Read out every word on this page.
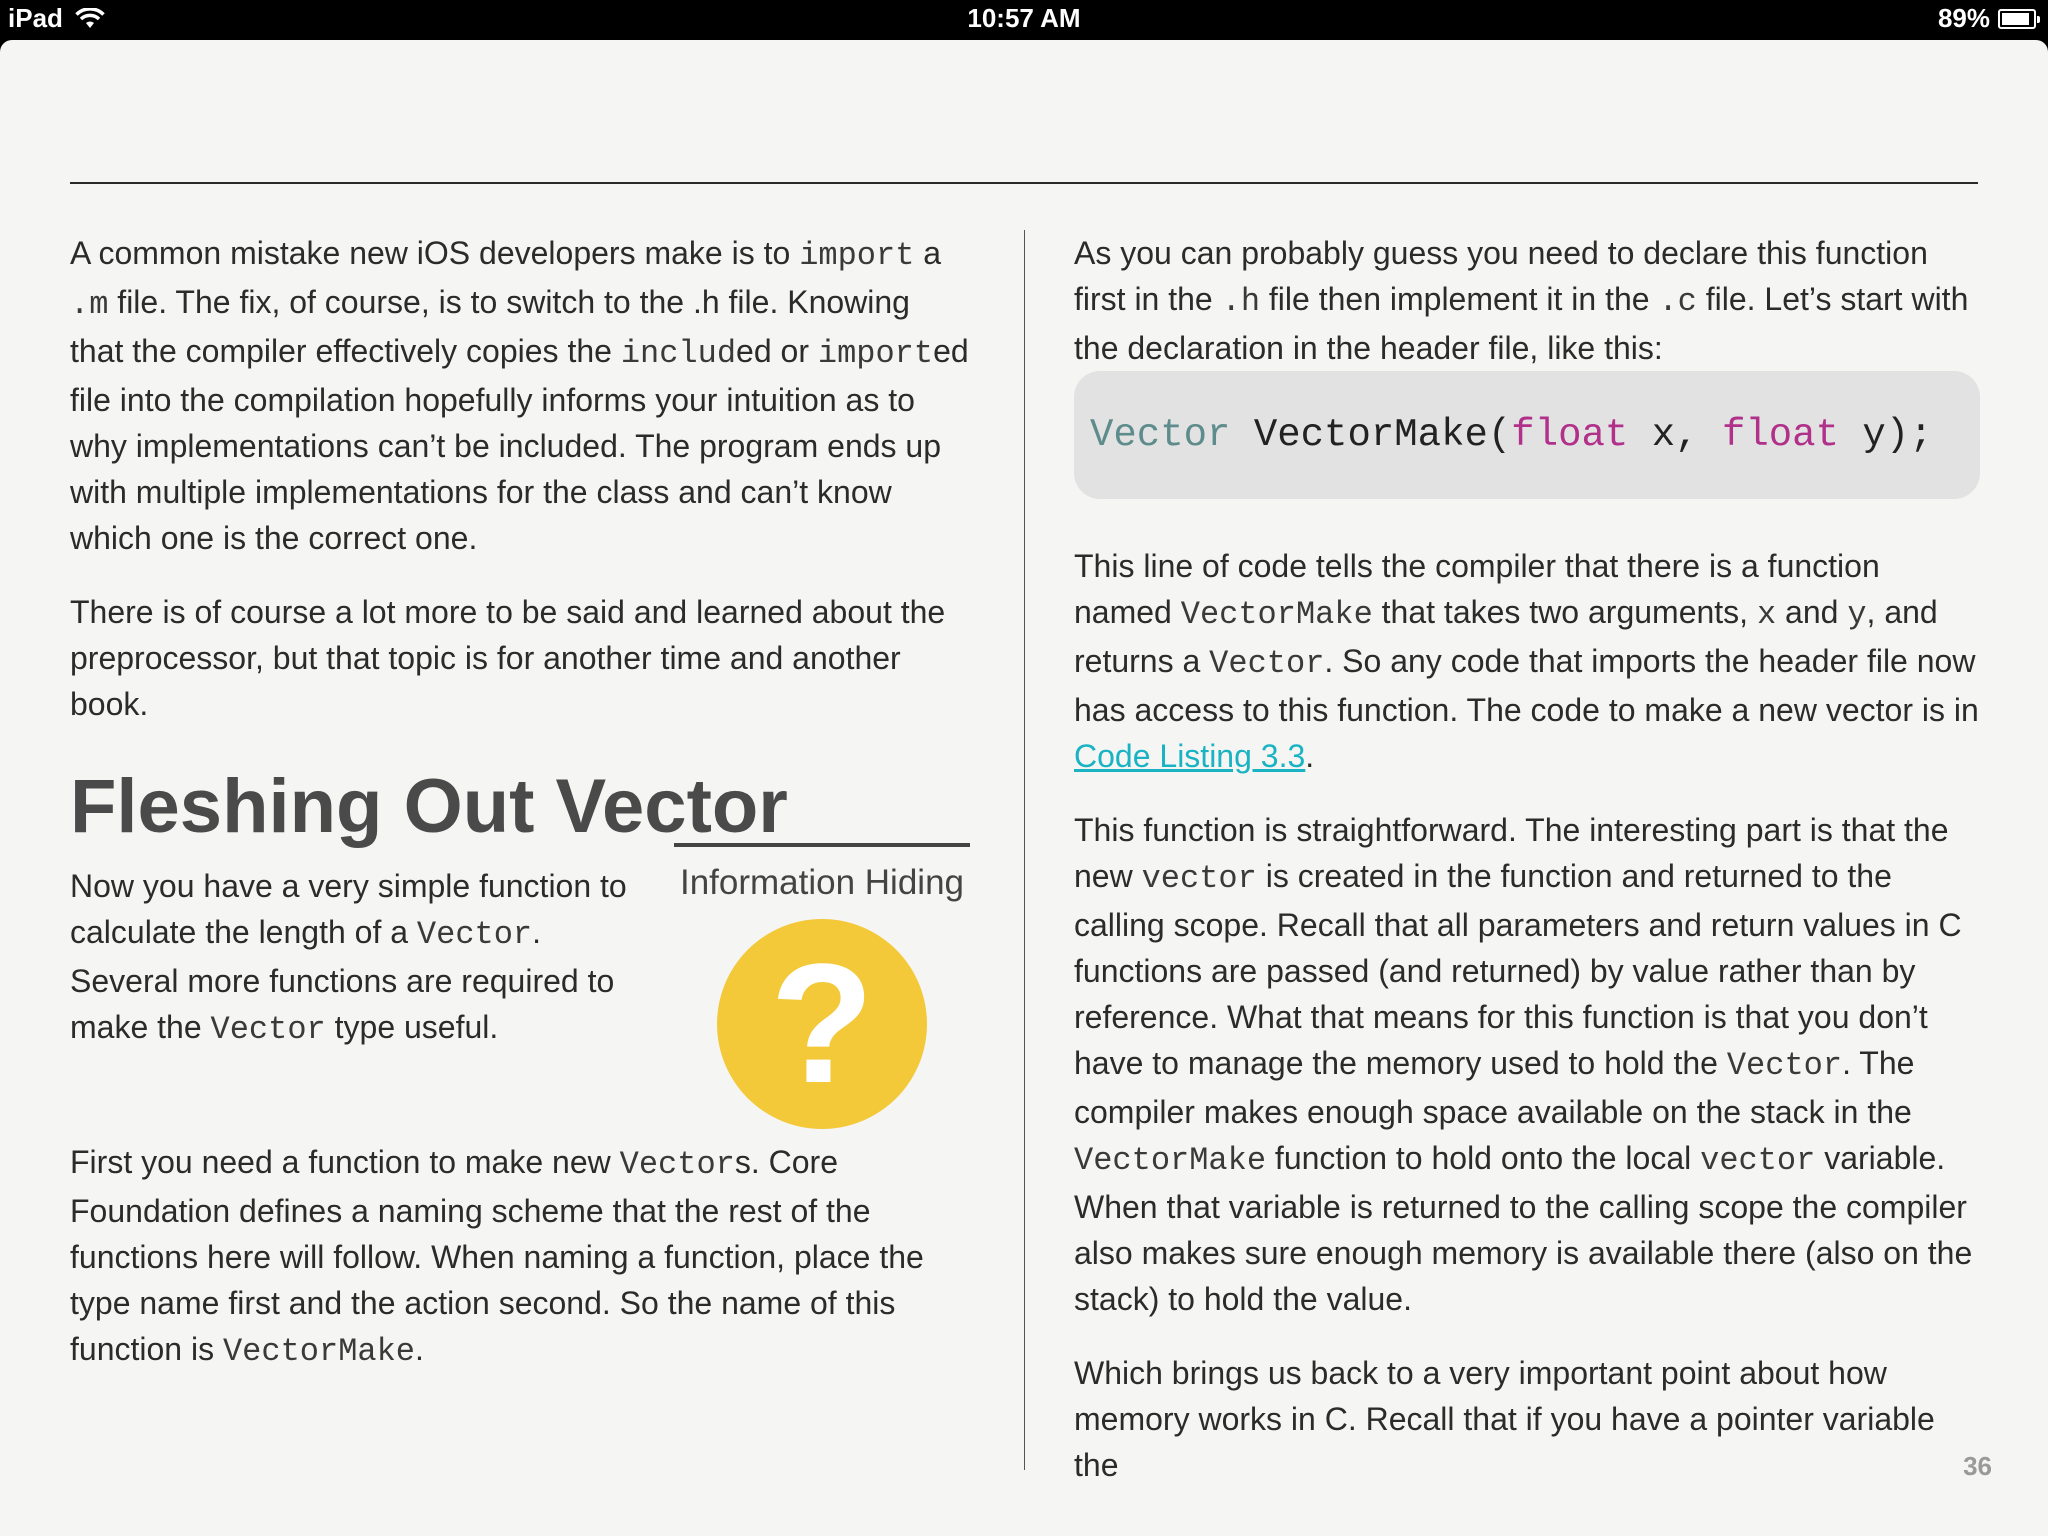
iPad	10:57 AM	89%

A common mistake new iOS developers make is to import a .m file. The fix, of course, is to switch to the .h file. Knowing that the compiler effectively copies the included or imported file into the compilation hopefully informs your intuition as to why implementations can’t be included. The program ends up with multiple implementations for the class and can’t know which one is the correct one.

There is of course a lot more to be said and learned about the preprocessor, but that topic is for another time and another book.

Fleshing Out Vector
Information Hiding
?

Now you have a very simple function to calculate the length of a Vector. Several more functions are required to make the Vector type useful.

First you need a function to make new Vectors. Core Foundation defines a naming scheme that the rest of the functions here will follow. When naming a function, place the type name first and the action second. So the name of this function is VectorMake.

As you can probably guess you need to declare this function first in the .h file then implement it in the .c file. Let’s start with the declaration in the header file, like this:

Vector VectorMake( float x, float y);

This line of code tells the compiler that there is a function named VectorMake that takes two arguments, x and y, and returns a Vector. So any code that imports the header file now has access to this function. The code to make a new vector is in Code Listing 3.3.

This function is straightforward. The interesting part is that the new vector is created in the function and returned to the calling scope. Recall that all parameters and return values in C functions are passed (and returned) by value rather than by reference. What that means for this function is that you don’t have to manage the memory used to hold the Vector. The compiler makes enough space available on the stack in the VectorMake function to hold onto the local vector variable. When that variable is returned to the calling scope the compiler also makes sure enough memory is available there (also on the stack) to hold the value.

Which brings us back to a very important point about how memory works in C. Recall that if you have a pointer variable the	36
